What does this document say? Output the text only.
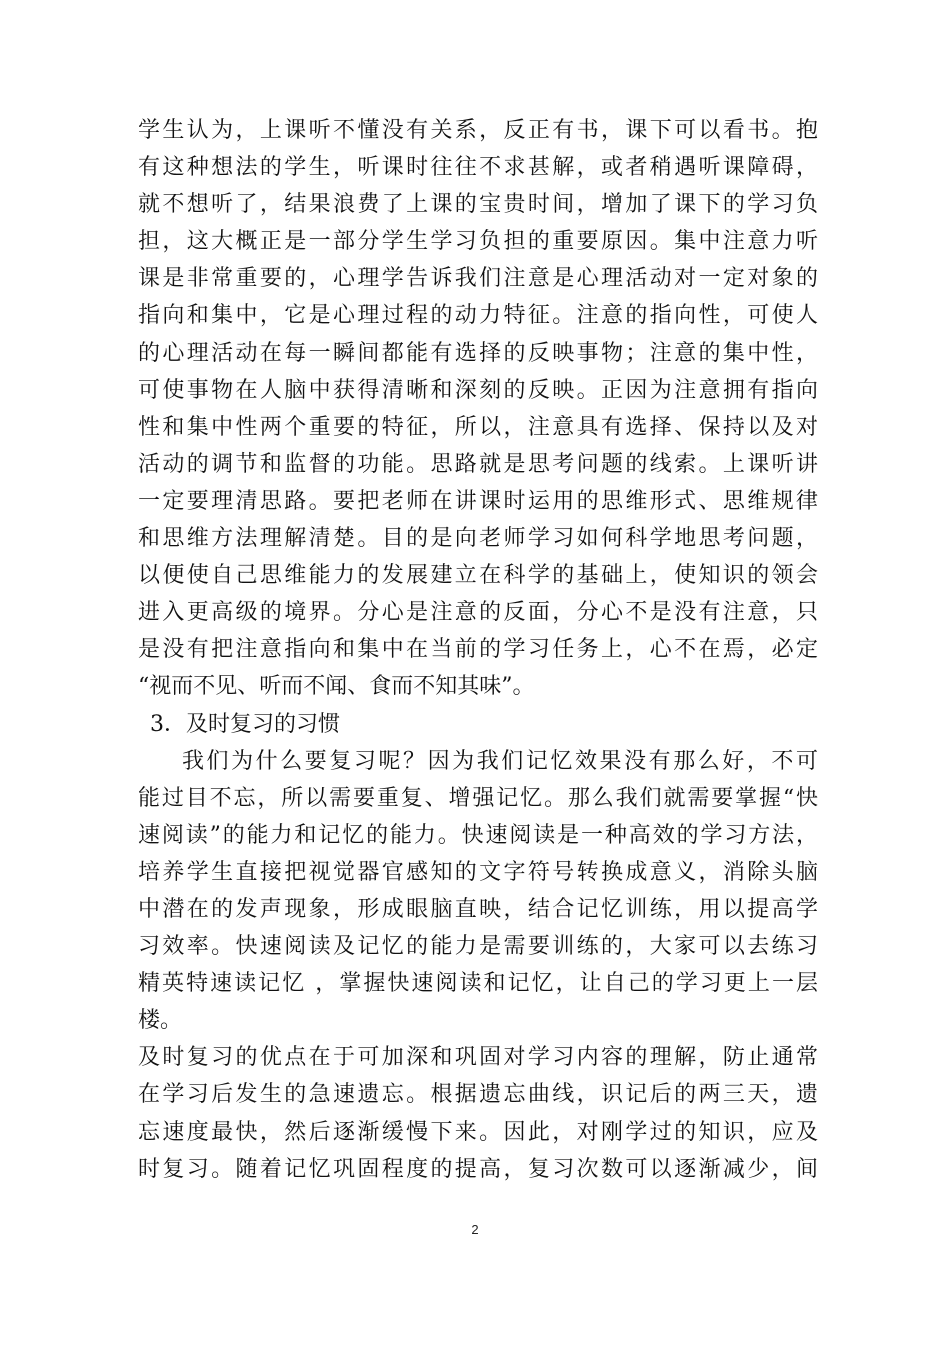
学生认为，上课听不懂没有关系，反正有书，课下可以看书。抱
有这种想法的学生，听课时往往不求甚解，或者稍遇听课障碍，
就不想听了，结果浪费了上课的宝贵时间，增加了课下的学习负
担，这大概正是一部分学生学习负担的重要原因。集中注意力听
课是非常重要的，心理学告诉我们注意是心理活动对一定对象的
指向和集中，它是心理过程的动力特征。注意的指向性，可使人
的心理活动在每一瞬间都能有选择的反映事物；注意的集中性，
可使事物在人脑中获得清晰和深刻的反映。正因为注意拥有指向
性和集中性两个重要的特征，所以，注意具有选择、保持以及对
活动的调节和监督的功能。思路就是思考问题的线索。上课听讲
一定要理清思路。要把老师在讲课时运用的思维形式、思维规律
和思维方法理解清楚。目的是向老师学习如何科学地思考问题，
以便使自己思维能力的发展建立在科学的基础上，使知识的领会
进入更高级的境界。分心是注意的反面，分心不是没有注意，只
是没有把注意指向和集中在当前的学习任务上，心不在焉，必定
“视而不见、听而不闻、食而不知其味”。
3．及时复习的习惯
我们为什么要复习呢？因为我们记忆效果没有那么好，不可
能过目不忘，所以需要重复、增强记忆。那么我们就需要掌握“快
速阅读”的能力和记忆的能力。快速阅读是一种高效的学习方法，
培养学生直接把视觉器官感知的文字符号转换成意义，消除头脑
中潜在的发声现象，形成眼脑直映，结合记忆训练，用以提高学
习效率。快速阅读及记忆的能力是需要训练的，大家可以去练习
精英特速读记忆 ，掌握快速阅读和记忆，让自己的学习更上一层
楼。
及时复习的优点在于可加深和巩固对学习内容的理解，防止通常
在学习后发生的急速遗忘。根据遗忘曲线，识记后的两三天，遗
忘速度最快，然后逐渐缓慢下来。因此，对刚学过的知识，应及
时复习。随着记忆巩固程度的提高，复习次数可以逐渐减少，间
2
